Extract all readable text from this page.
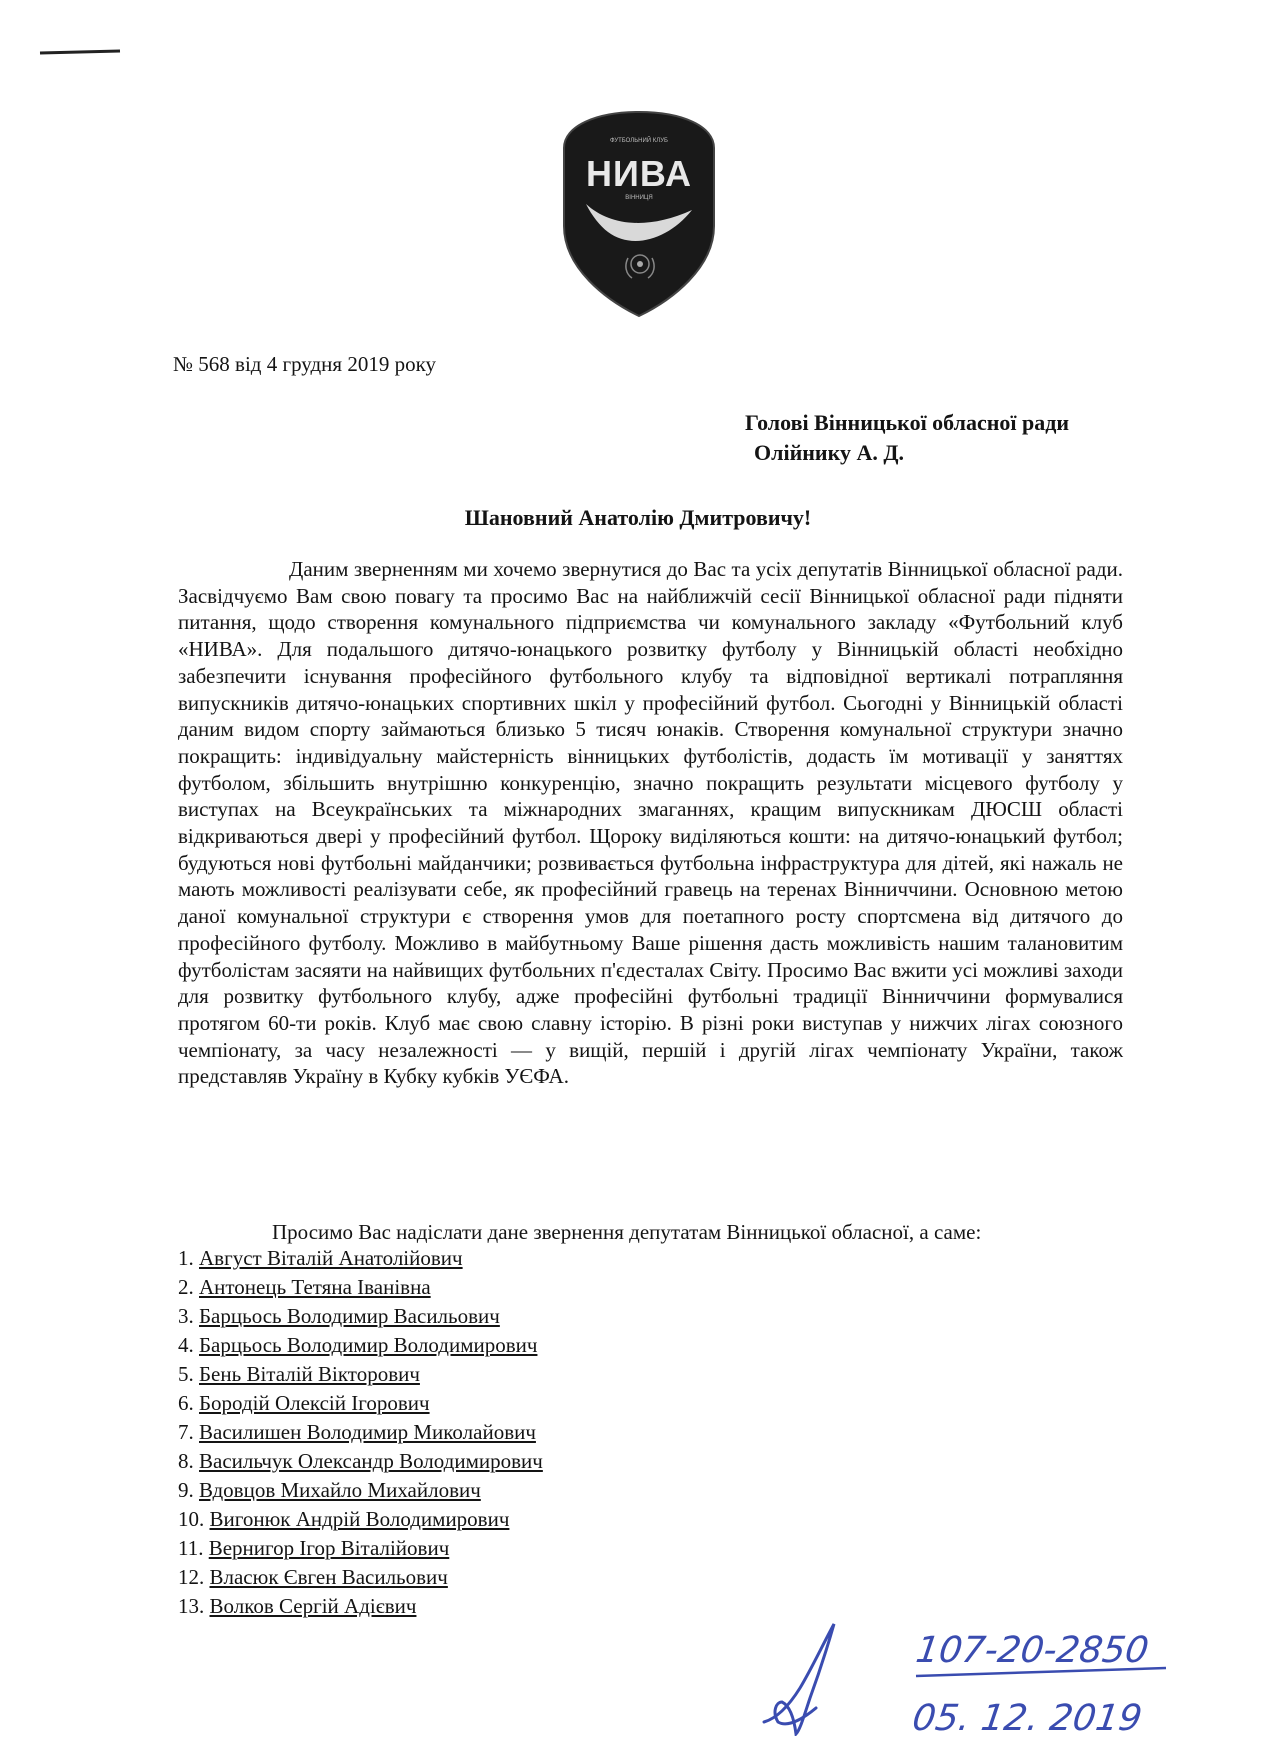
ФУТБОЛЬНИЙ КЛУБ
НИВА
ВІННИЦЯ
№ 568 від 4 грудня 2019 року
Голові Вінницької обласної ради
Олійнику А. Д.
Шановний Анатолію Дмитровичу!

Даним зверненням ми хочемо звернутися до Вас та усіх депутатів Вінницької обласної ради. Засвідчуємо Вам свою повагу та просимо Вас на найближчій сесії Вінницької обласної ради підняти питання, щодо створення комунального підприємства чи комунального закладу «Футбольний клуб «НИВА». Для подальшого дитячо-юнацького розвитку футболу у Вінницькій області необхідно забезпечити існування професійного футбольного клубу та відповідної вертикалі потрапляння випускників дитячо-юнацьких спортивних шкіл у професійний футбол. Сьогодні у Вінницькій області даним видом спорту займаються близько 5 тисяч юнаків. Створення комунальної структури значно покращить: індивідуальну майстерність вінницьких футболістів, додасть їм мотивації у заняттях футболом, збільшить внутрішню конкуренцію, значно покращить результати місцевого футболу у виступах на Всеукраїнських та міжнародних змаганнях, кращим випускникам ДЮСШ області відкриваються двері у професійний футбол. Щороку виділяються кошти: на дитячо-юнацький футбол; будуються нові футбольні майданчики; розвивається футбольна інфраструктура для дітей, які нажаль не мають можливості реалізувати себе, як професійний гравець на теренах Вінниччини. Основною метою даної комунальної структури є створення умов для поетапного росту спортсмена від дитячого до професійного футболу. Можливо в майбутньому Ваше рішення дасть можливість нашим талановитим футболістам засяяти на найвищих футбольних п'єдесталах Світу. Просимо Вас вжити усі можливі заходи для розвитку футбольного клубу, адже професійні футбольні традиції Вінниччини формувалися протягом 60-ти років. Клуб має свою славну історію. В різні роки виступав у нижчих лігах союзного чемпіонату, за часу незалежності — у вищій, першій і другій лігах чемпіонату України, також представляв Україну в Кубку кубків УЄФА.

Просимо Вас надіслати дане звернення депутатам Вінницької обласної, а саме:
1. Август Віталій Анатолійович
2. Антонець Тетяна Іванівна
3. Барцьось Володимир Васильович
4. Барцьось Володимир Володимирович
5. Бень Віталій Вікторович
6. Бородій Олексій Ігорович
7. Василишен Володимир Миколайович
8. Васильчук Олександр Володимирович
9. Вдовцов Михайло Михайлович
10. Вигонюк Андрій Володимирович
11. Вернигор Ігор Віталійович
12. Власюк Євген Васильович
13. Волков Сергій Адієвич
107-20-2850
05. 12. 2019
